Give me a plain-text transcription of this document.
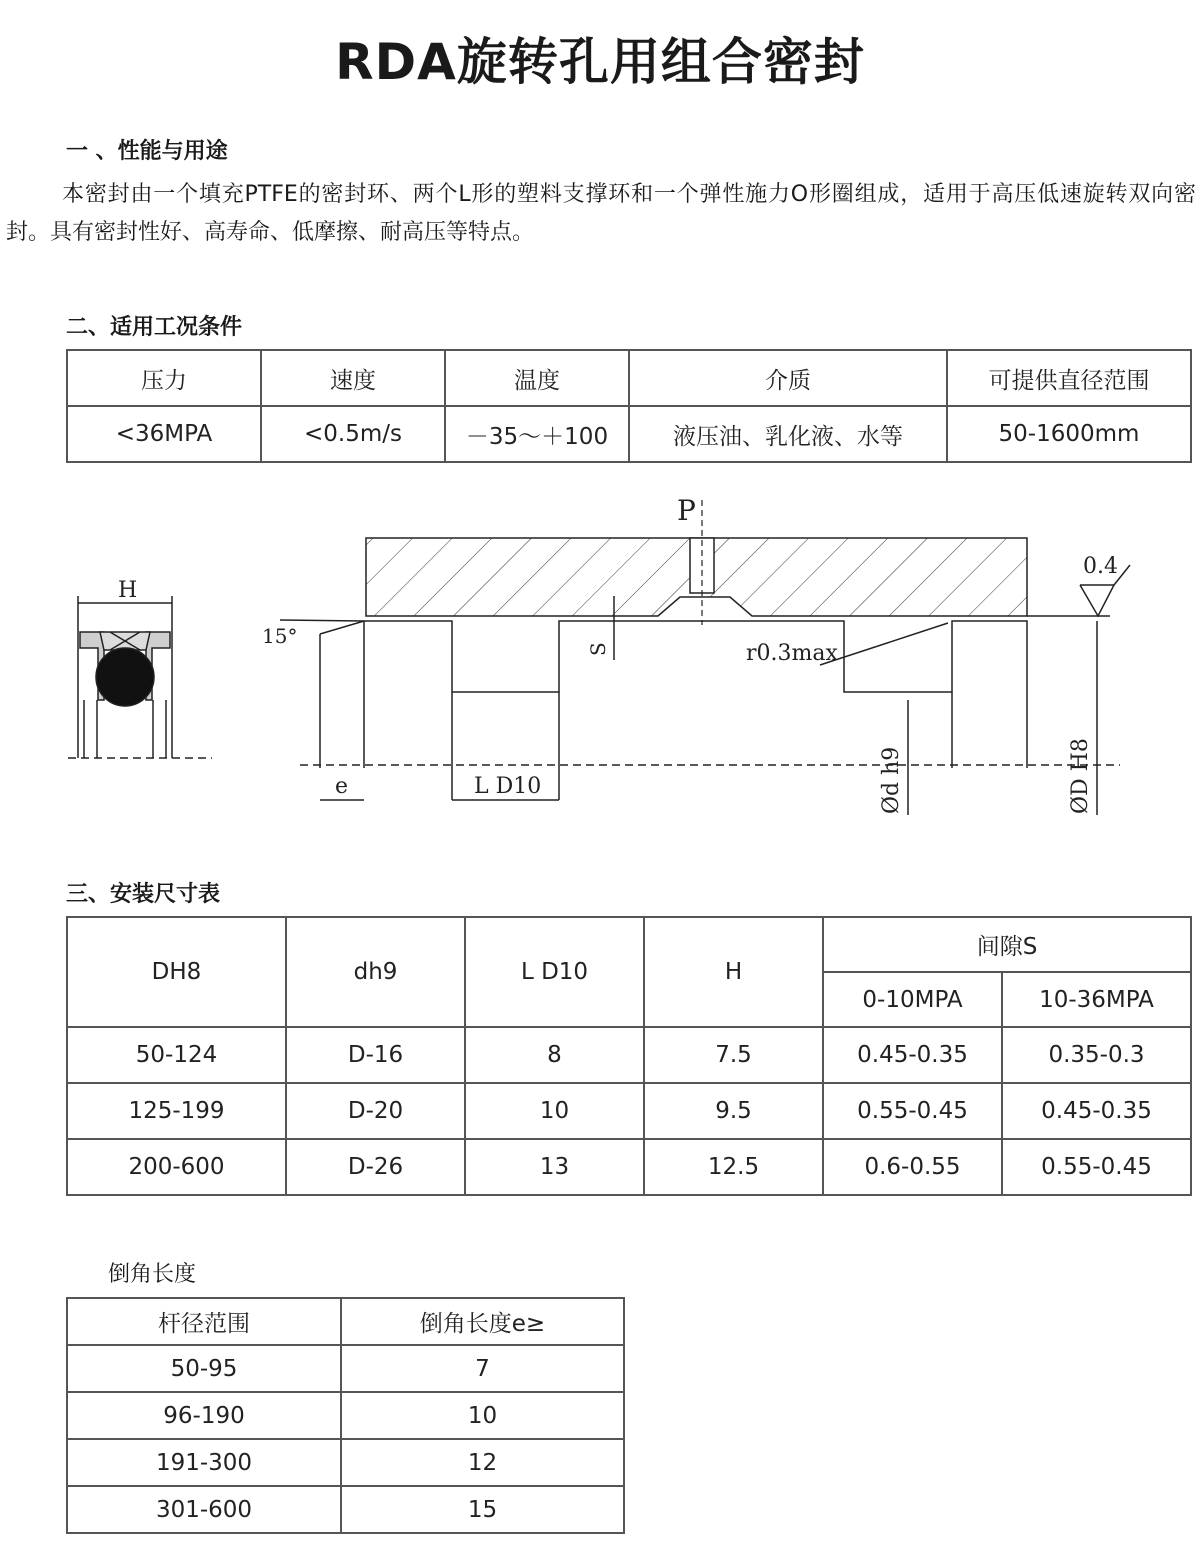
RDA旋转孔用组合密封
一 、性能与用途
本密封由一个填充PTFE的密封环、两个L形的塑料支撑环和一个弹性施力O形圈组成，适用于高压低速旋转双向密封。具有密封性好、高寿命、低摩擦、耐高压等特点。
二、适用工况条件
压力	速度	温度	介质	可提供直径范围
<36MPA	<0.5m/s	－35～＋100	液压油、乳化液、水等	50-1600mm
H
P
0.4
15°
S	r0.3max
e	L D10	Ød h9	ØD H8
三、安装尺寸表
DH8	dh9	L D10	H	间隙S	
				0-10MPA	10-36MPA
50-124	D-16	8	7.5	0.45-0.35	0.35-0.3
125-199	D-20	10	9.5	0.55-0.45	0.45-0.35
200-600	D-26	13	12.5	0.6-0.55	0.55-0.45
倒角长度
杆径范围	倒角长度e≥
50-95	7
96-190	10
191-300	12
301-600	15
